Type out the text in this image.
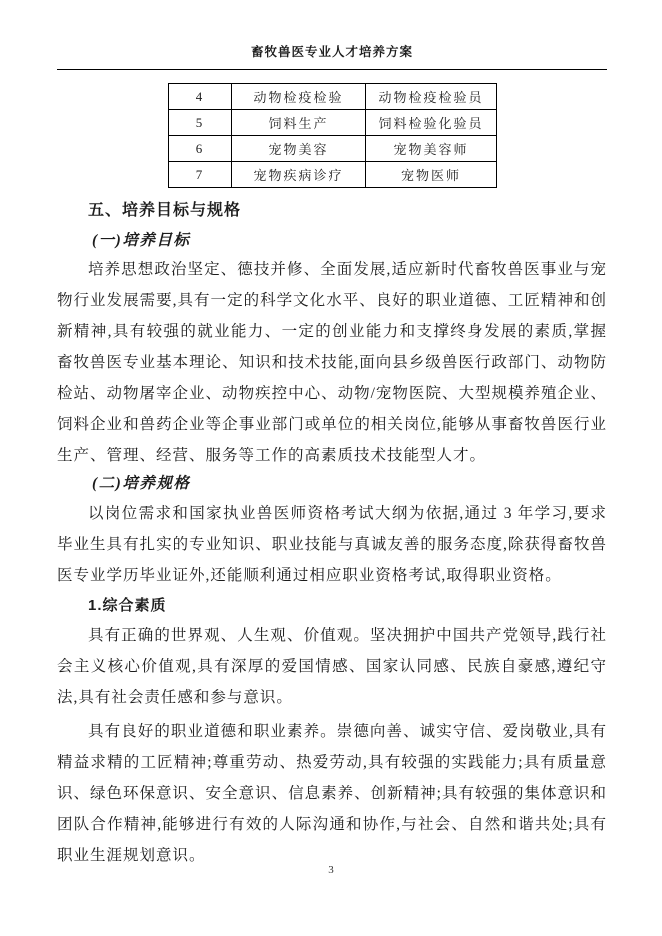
畜牧兽医专业人才培养方案
4	动物检疫检验	动物检疫检验员
5	饲料生产	饲料检验化验员
6	宠物美容	宠物美容师
7	宠物疾病诊疗	宠物医师
五、培养目标与规格
(一)培养目标

培养思想政治坚定、德技并修、全面发展,适应新时代畜牧兽医事业与宠物行业发展需要,具有一定的科学文化水平、良好的职业道德、工匠精神和创新精神,具有较强的就业能力、一定的创业能力和支撑终身发展的素质,掌握畜牧兽医专业基本理论、知识和技术技能,面向县乡级兽医行政部门、动物防检站、动物屠宰企业、动物疾控中心、动物/宠物医院、大型规模养殖企业、饲料企业和兽药企业等企事业部门或单位的相关岗位,能够从事畜牧兽医行业生产、管理、经营、服务等工作的高素质技术技能型人才。

(二)培养规格

以岗位需求和国家执业兽医师资格考试大纲为依据,通过 3 年学习,要求毕业生具有扎实的专业知识、职业技能与真诚友善的服务态度,除获得畜牧兽医专业学历毕业证外,还能顺利通过相应职业资格考试,取得职业资格。

1.综合素质

具有正确的世界观、人生观、价值观。坚决拥护中国共产党领导,践行社会主义核心价值观,具有深厚的爱国情感、国家认同感、民族自豪感,遵纪守法,具有社会责任感和参与意识。

具有良好的职业道德和职业素养。崇德向善、诚实守信、爱岗敬业,具有精益求精的工匠精神;尊重劳动、热爱劳动,具有较强的实践能力;具有质量意识、绿色环保意识、安全意识、信息素养、创新精神;具有较强的集体意识和团队合作精神,能够进行有效的人际沟通和协作,与社会、自然和谐共处;具有职业生涯规划意识。

3
